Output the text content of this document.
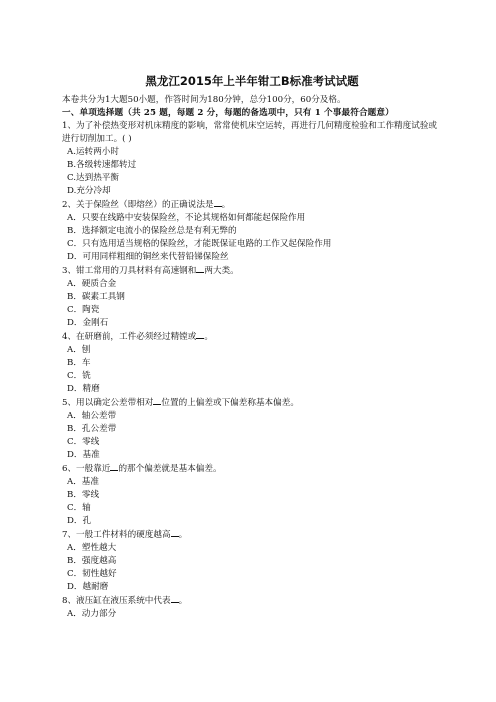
黑龙江2015年上半年钳工B标准考试试题
本卷共分为1大题50小题，作答时间为180分钟，总分100分，60分及格。
一、单项选择题（共 25 题，每题 2 分，每题的备选项中，只有 1 个事最符合题意）
1、为了补偿热变形对机床精度的影响，常常使机床空运转，再进行几何精度检验和工作精度试验或进行切削加工。( )
A.运转两小时
B.各级转速都转过
C.达到热平衡
D.充分冷却
2、关于保险丝（即熔丝）的正确说法是 。
A．只要在线路中安装保险丝，不论其规格如何都能起保险作用
B．选择额定电流小的保险丝总是有利无弊的
C．只有选用适当规格的保险丝，才能既保证电路的工作又起保险作用
D．可用同样粗细的铜丝来代替铅锑保险丝
3、钳工常用的刀具材料有高速钢和 两大类。
A．硬质合金
B．碳素工具钢
C．陶瓷
D．金刚石
4、在研磨前，工件必须经过精镗或 。
A．刨
B．车
C．铣
D．精磨
5、用以确定公差带相对 位置的上偏差或下偏差称基本偏差。
A．轴公差带
B．孔公差带
C．零线
D．基准
6、一般靠近 的那个偏差就是基本偏差。
A．基准
B．零线
C．轴
D．孔
7、一般工件材料的硬度越高 。
A．塑性越大
B．强度越高
C．韧性越好
D．越耐磨
8、液压缸在液压系统中代表 。
A．动力部分
